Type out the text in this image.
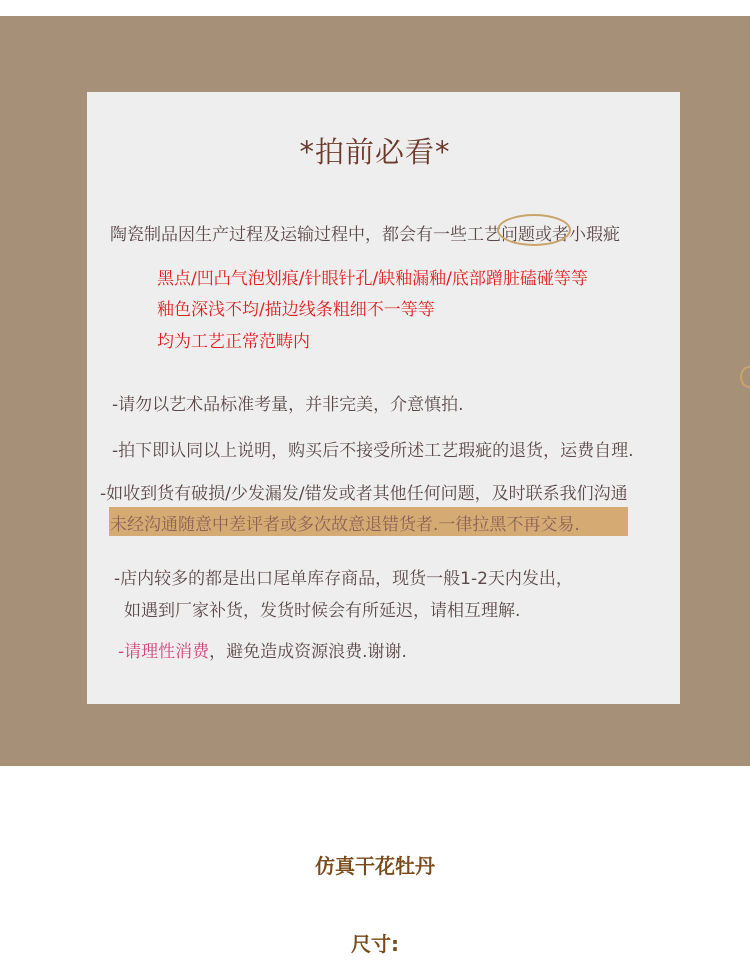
*拍前必看*
陶瓷制品因生产过程及运输过程中，都会有一些工艺问题或者小瑕疵
黑点/凹凸气泡划痕/针眼针孔/缺釉漏釉/底部蹭脏磕碰等等
釉色深浅不均/描边线条粗细不一等等
均为工艺正常范畴内
-请勿以艺术品标准考量，并非完美，介意慎拍.
-拍下即认同以上说明，购买后不接受所述工艺瑕疵的退货，运费自理.
-如收到货有破损/少发漏发/错发或者其他任何问题，及时联系我们沟通
未经沟通随意中差评者或多次故意退错货者.一律拉黑不再交易.
-店内较多的都是出口尾单库存商品，现货一般1-2天内发出，
如遇到厂家补货，发货时候会有所延迟，请相互理解.
-请理性消费，避免造成资源浪费.谢谢.
仿真干花牡丹
尺寸:
